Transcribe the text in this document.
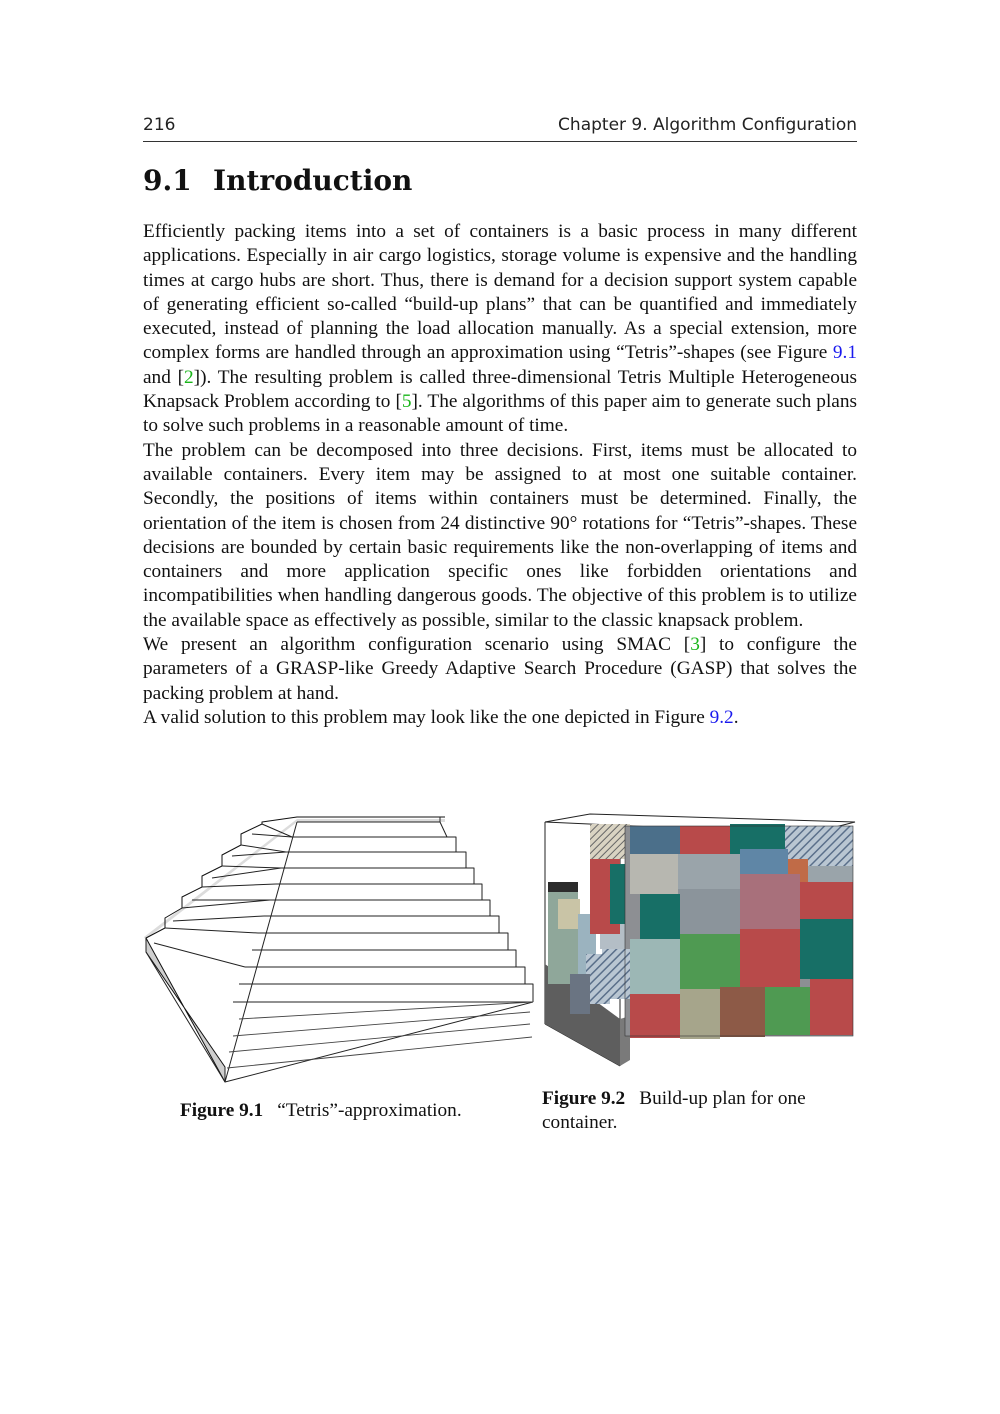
216	Chapter 9. Algorithm Configuration
9.1 Introduction

Efficiently packing items into a set of containers is a basic process in many different applications. Especially in air cargo logistics, storage volume is expensive and the handling times at cargo hubs are short. Thus, there is demand for a decision support system capable of generating efficient so-called “build-up plans” that can be quantified and immediately executed, instead of planning the load allocation manually. As a special extension, more complex forms are handled through an approximation using “Tetris”-shapes (see Figure 9.1 and [2]). The resulting problem is called three-dimensional Tetris Multiple Heterogeneous Knapsack Problem according to [5]. The algorithms of this paper aim to generate such plans to solve such problems in a reasonable amount of time.

The problem can be decomposed into three decisions. First, items must be allocated to available containers. Every item may be assigned to at most one suitable container. Secondly, the positions of items within containers must be determined. Finally, the orientation of the item is chosen from 24 distinctive 90° rotations for “Tetris”-shapes. These decisions are bounded by certain basic requirements like the non-overlapping of items and containers and more application specific ones like forbidden orientations and incompatibilities when handling dangerous goods. The objective of this problem is to utilize the available space as effectively as possible, similar to the classic knapsack problem.

We present an algorithm configuration scenario using SMAC [3] to configure the parameters of a GRASP-like Greedy Adaptive Search Procedure (GASP) that solves the packing problem at hand.

A valid solution to this problem may look like the one depicted in Figure 9.2.

Figure 9.1 “Tetris”-approximation.
Figure 9.2 Build-up plan for one container.
